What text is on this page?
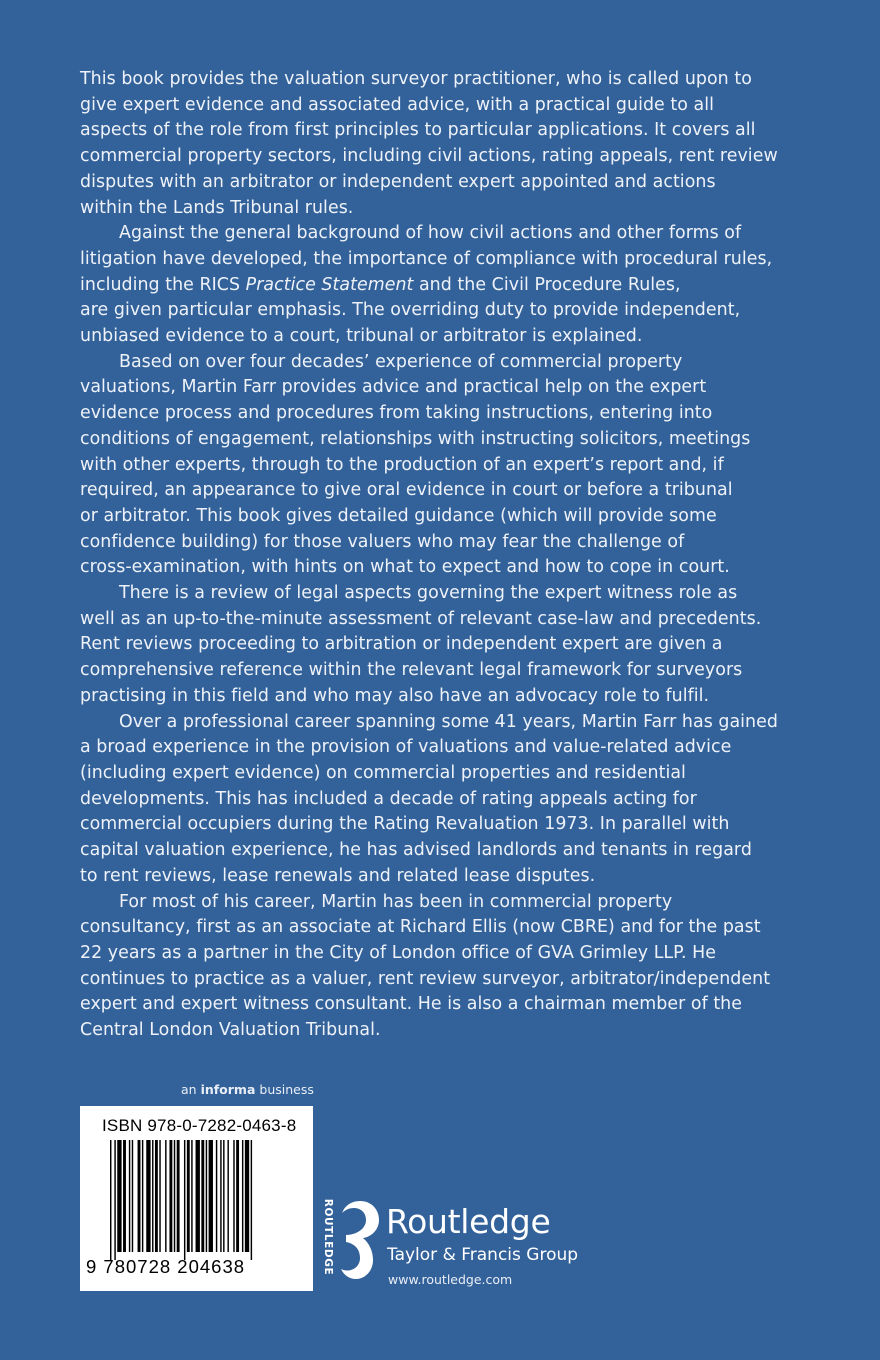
This book provides the valuation surveyor practitioner, who is called upon to
give expert evidence and associated advice, with a practical guide to all
aspects of the role from first principles to particular applications. It covers all
commercial property sectors, including civil actions, rating appeals, rent review
disputes with an arbitrator or independent expert appointed and actions
within the Lands Tribunal rules.

Against the general background of how civil actions and other forms of
litigation have developed, the importance of compliance with procedural rules,
including the RICS Practice Statement and the Civil Procedure Rules,
are given particular emphasis. The overriding duty to provide independent,
unbiased evidence to a court, tribunal or arbitrator is explained.

Based on over four decades’ experience of commercial property
valuations, Martin Farr provides advice and practical help on the expert
evidence process and procedures from taking instructions, entering into
conditions of engagement, relationships with instructing solicitors, meetings
with other experts, through to the production of an expert’s report and, if
required, an appearance to give oral evidence in court or before a tribunal
or arbitrator. This book gives detailed guidance (which will provide some
confidence building) for those valuers who may fear the challenge of
cross-examination, with hints on what to expect and how to cope in court.

There is a review of legal aspects governing the expert witness role as
well as an up-to-the-minute assessment of relevant case-law and precedents.
Rent reviews proceeding to arbitration or independent expert are given a
comprehensive reference within the relevant legal framework for surveyors
practising in this field and who may also have an advocacy role to fulfil.

Over a professional career spanning some 41 years, Martin Farr has gained
a broad experience in the provision of valuations and value-related advice
(including expert evidence) on commercial properties and residential
developments. This has included a decade of rating appeals acting for
commercial occupiers during the Rating Revaluation 1973. In parallel with
capital valuation experience, he has advised landlords and tenants in regard
to rent reviews, lease renewals and related lease disputes.

For most of his career, Martin has been in commercial property
consultancy, first as an associate at Richard Ellis (now CBRE) and for the past
22 years as a partner in the City of London office of GVA Grimley LLP. He
continues to practice as a valuer, rent review surveyor, arbitrator/independent
expert and expert witness consultant. He is also a chairman member of the
Central London Valuation Tribunal.

an informa business
ISBN 978-0-7282-0463-8
9 780728 204638	ROUTLEDGE Routledge
Taylor & Francis Group
www.routledge.com
